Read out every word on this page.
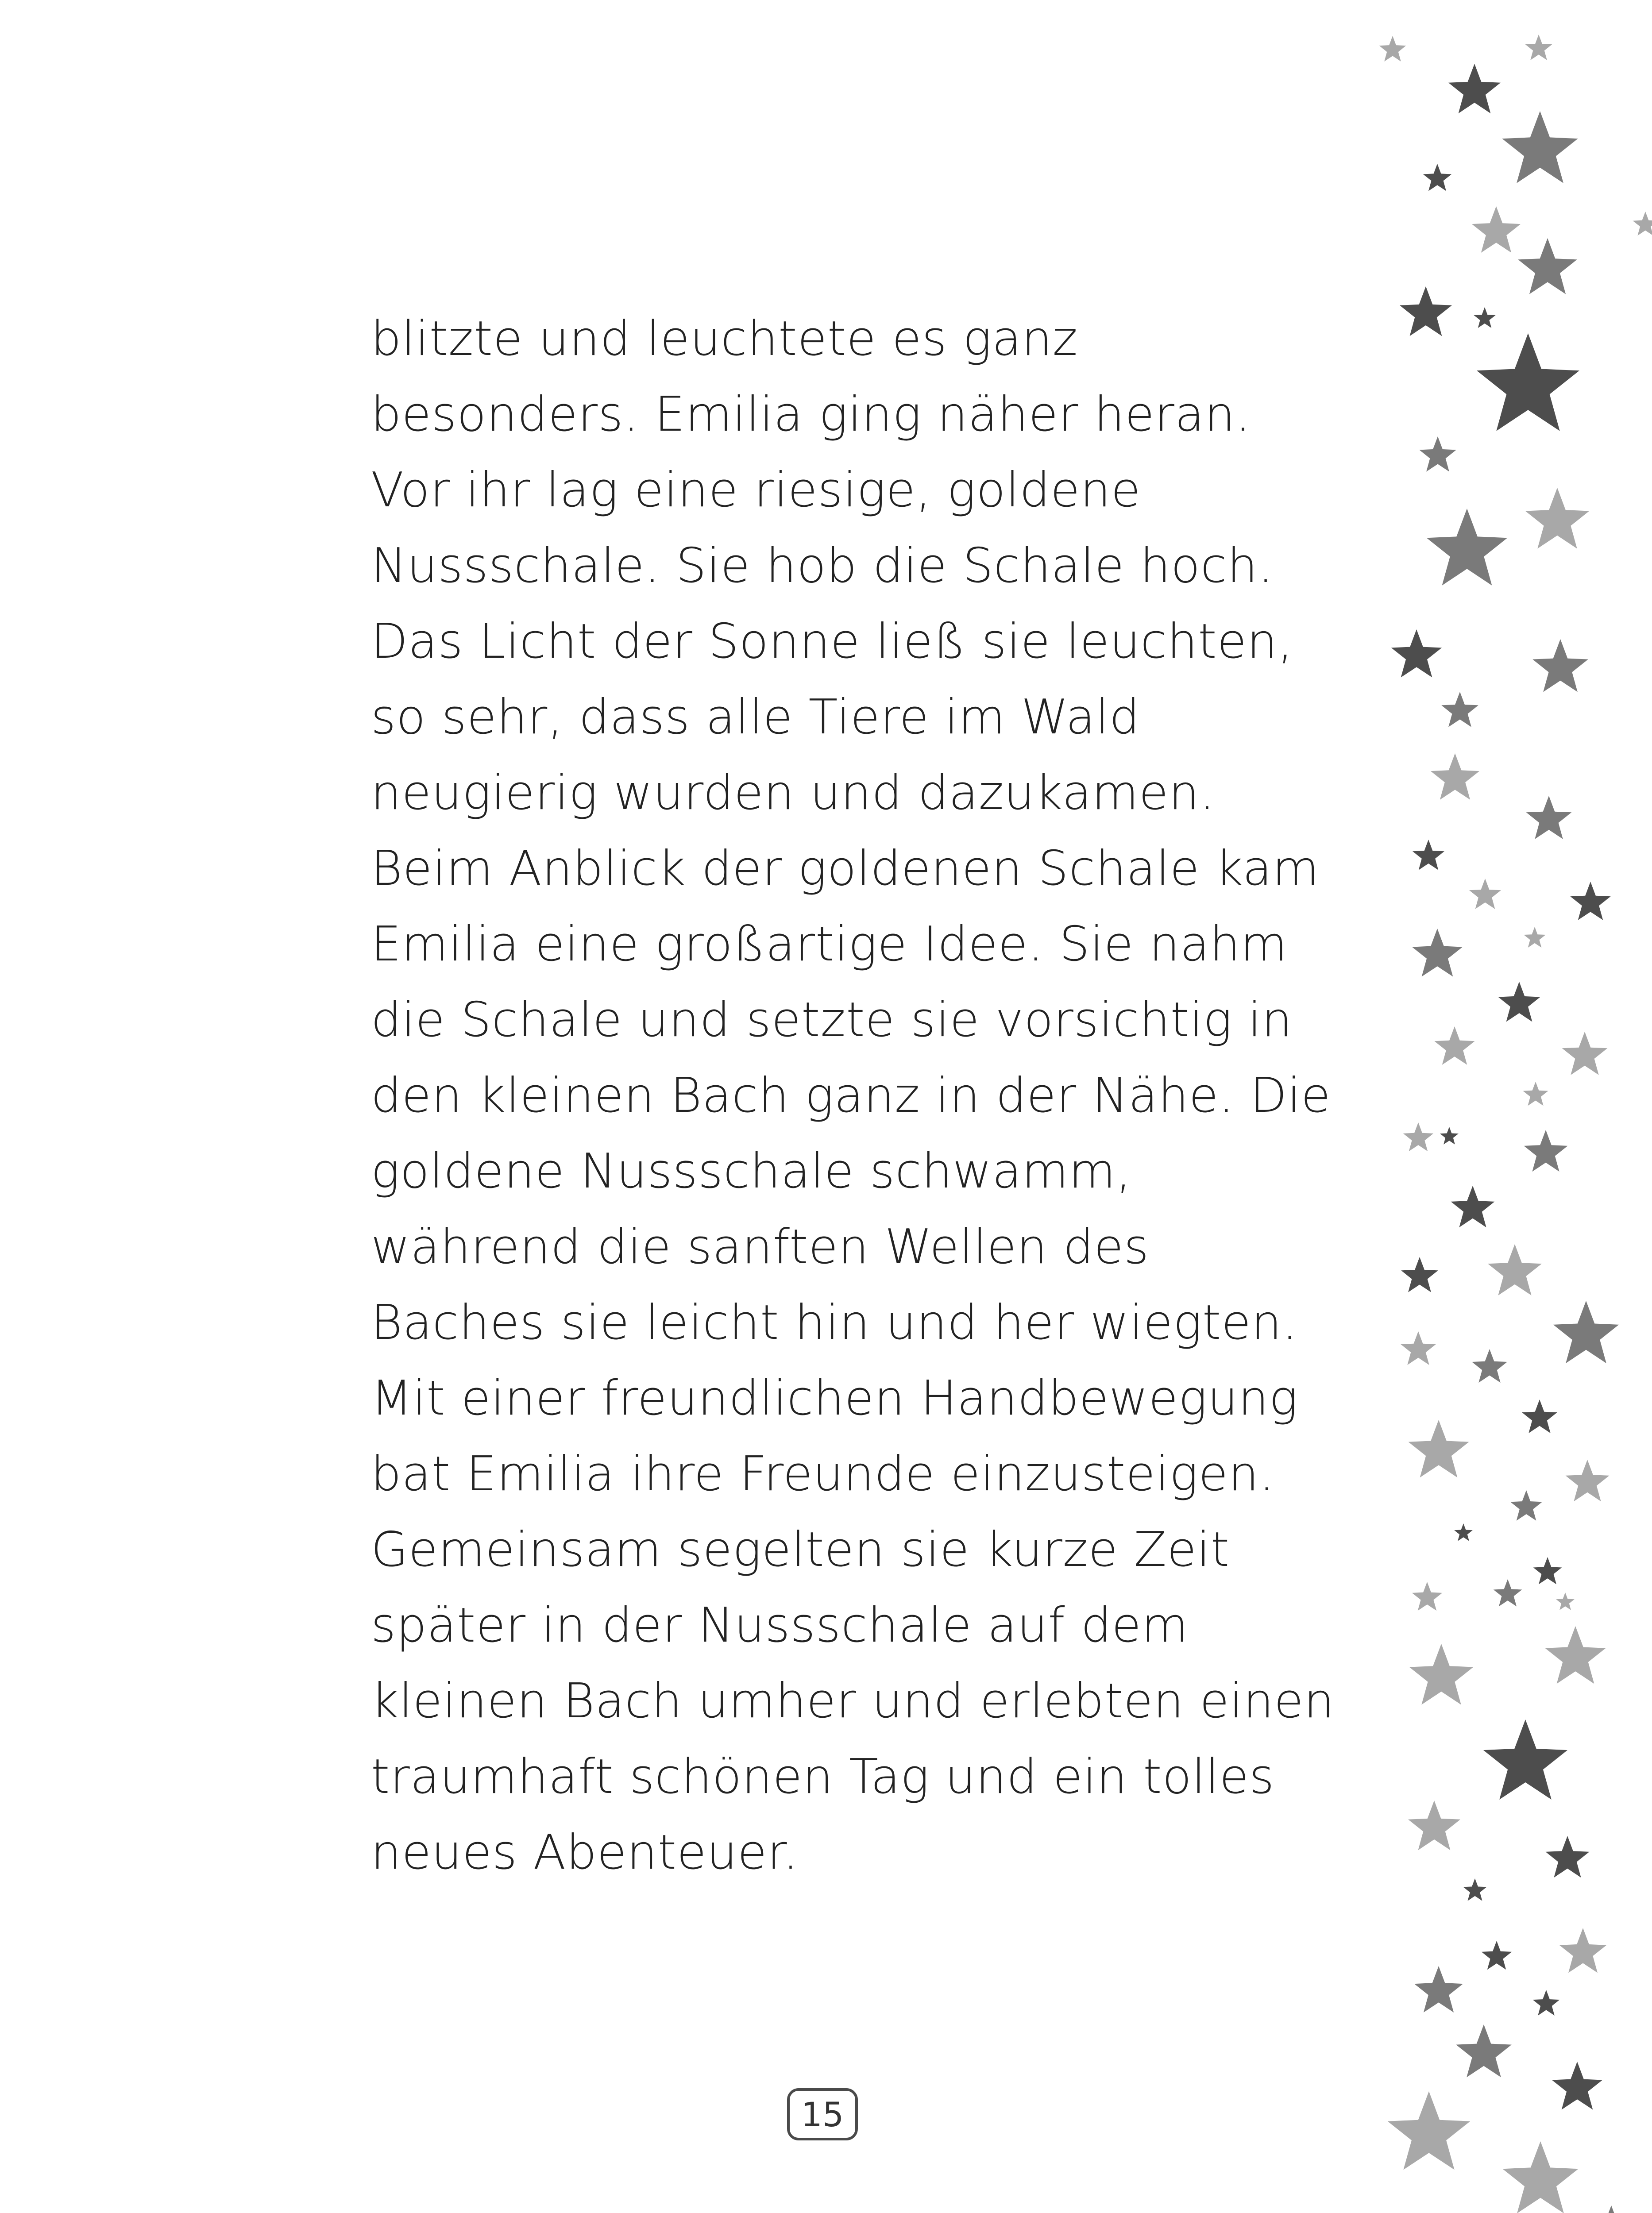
blitzte und leuchtete es ganz
besonders. Emilia ging näher heran.
Vor ihr lag eine riesige, goldene
Nussschale. Sie hob die Schale hoch.
Das Licht der Sonne ließ sie leuchten,
so sehr, dass alle Tiere im Wald
neugierig wurden und dazukamen.
Beim Anblick der goldenen Schale kam
Emilia eine großartige Idee. Sie nahm
die Schale und setzte sie vorsichtig in
den kleinen Bach ganz in der Nähe. Die
goldene Nussschale schwamm,
während die sanften Wellen des
Baches sie leicht hin und her wiegten.
Mit einer freundlichen Handbewegung
bat Emilia ihre Freunde einzusteigen.
Gemeinsam segelten sie kurze Zeit
später in der Nussschale auf dem
kleinen Bach umher und erlebten einen
traumhaft schönen Tag und ein tolles
neues Abenteuer.
15
